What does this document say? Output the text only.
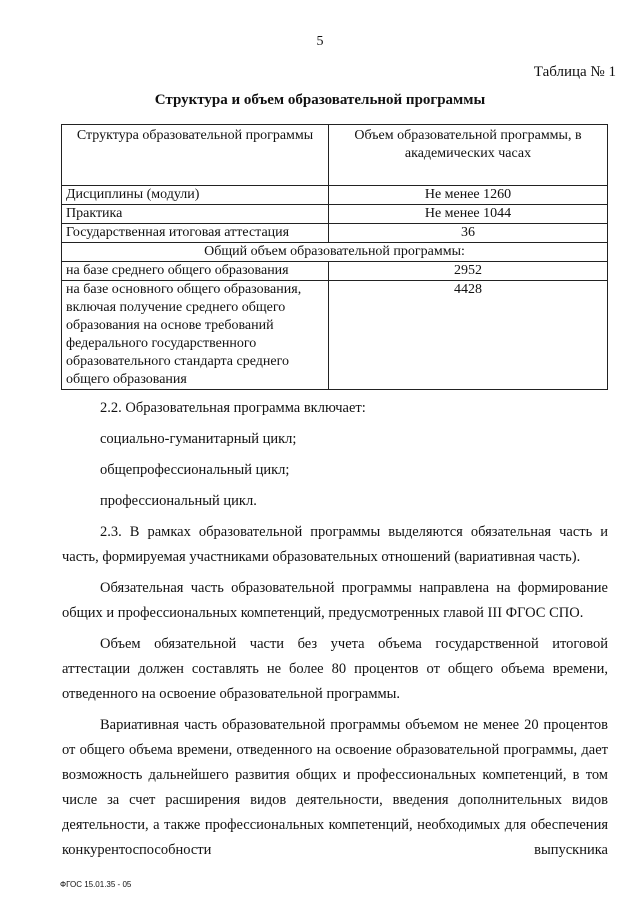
5
Таблица № 1
Структура и объем образовательной программы
Структура образовательной программы	Объем образовательной программы, в академических часах
Дисциплины (модули)	Не менее 1260
Практика	Не менее 1044
Государственная итоговая аттестация	36
Общий объем образовательной программы:	
на базе среднего общего образования	2952
на базе основного общего образования, включая получение среднего общего образования на основе требований федерального государственного образовательного стандарта среднего общего образования	4428

2.2. Образовательная программа включает:

социально-гуманитарный цикл;

общепрофессиональный цикл;

профессиональный цикл.

2.3. В рамках образовательной программы выделяются обязательная часть и часть, формируемая участниками образовательных отношений (вариативная часть).

Обязательная часть образовательной программы направлена на формирование общих и профессиональных компетенций, предусмотренных главой III ФГОС СПО.

Объем обязательной части без учета объема государственной итоговой аттестации должен составлять не более 80 процентов от общего объема времени, отведенного на освоение образовательной программы.

Вариативная часть образовательной программы объемом не менее 20 процентов от общего объема времени, отведенного на освоение образовательной программы, дает возможность дальнейшего развития общих и профессиональных компетенций, в том числе за счет расширения видов деятельности, введения дополнительных видов деятельности, а также профессиональных компетенций, необходимых для обеспечения конкурентоспособности выпускника

ФГОС 15.01.35 - 05
